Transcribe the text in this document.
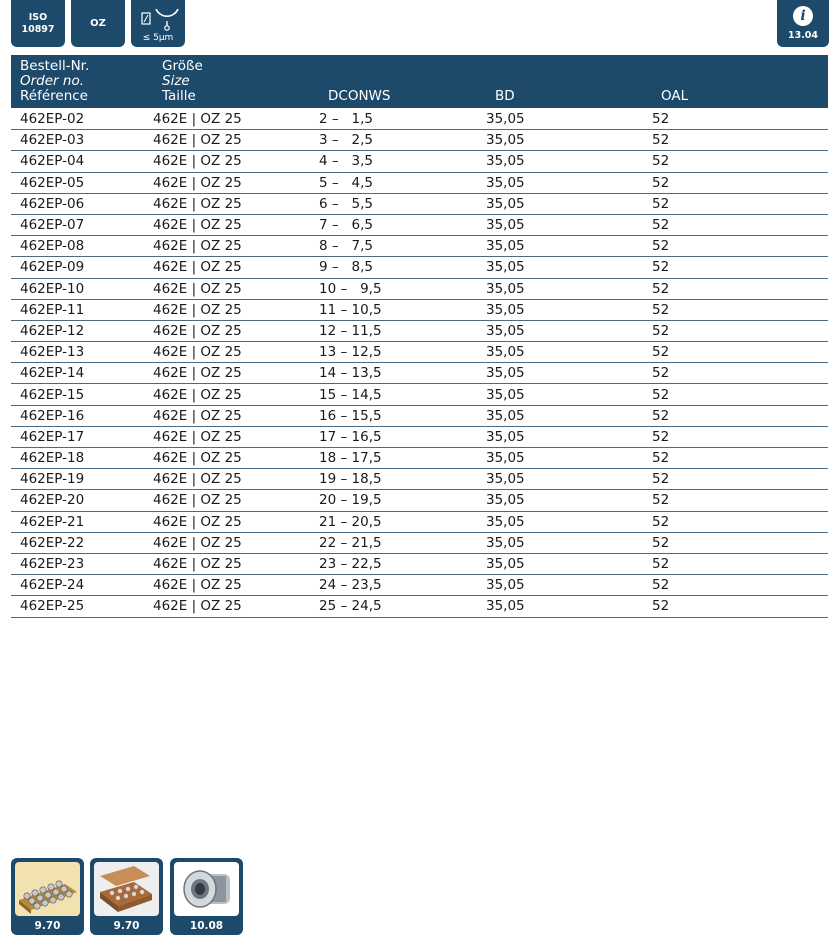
ISO
10897	OZ
≤ 5µm
i
13.04
Bestell-Nr.
Order no.
Référence
Größe
Size
Taille	DCONWS	BD	OAL
462EP-02	462E | OZ 25	2 –   1,5	35,05	52
462EP-03	462E | OZ 25	3 –   2,5	35,05	52
462EP-04	462E | OZ 25	4 –   3,5	35,05	52
462EP-05	462E | OZ 25	5 –   4,5	35,05	52
462EP-06	462E | OZ 25	6 –   5,5	35,05	52
462EP-07	462E | OZ 25	7 –   6,5	35,05	52
462EP-08	462E | OZ 25	8 –   7,5	35,05	52
462EP-09	462E | OZ 25	9 –   8,5	35,05	52
462EP-10	462E | OZ 25	10 –   9,5	35,05	52
462EP-11	462E | OZ 25	11 – 10,5	35,05	52
462EP-12	462E | OZ 25	12 – 11,5	35,05	52
462EP-13	462E | OZ 25	13 – 12,5	35,05	52
462EP-14	462E | OZ 25	14 – 13,5	35,05	52
462EP-15	462E | OZ 25	15 – 14,5	35,05	52
462EP-16	462E | OZ 25	16 – 15,5	35,05	52
462EP-17	462E | OZ 25	17 – 16,5	35,05	52
462EP-18	462E | OZ 25	18 – 17,5	35,05	52
462EP-19	462E | OZ 25	19 – 18,5	35,05	52
462EP-20	462E | OZ 25	20 – 19,5	35,05	52
462EP-21	462E | OZ 25	21 – 20,5	35,05	52
462EP-22	462E | OZ 25	22 – 21,5	35,05	52
462EP-23	462E | OZ 25	23 – 22,5	35,05	52
462EP-24	462E | OZ 25	24 – 23,5	35,05	52
462EP-25	462E | OZ 25	25 – 24,5	35,05	52
9.70	9.70	10.08
